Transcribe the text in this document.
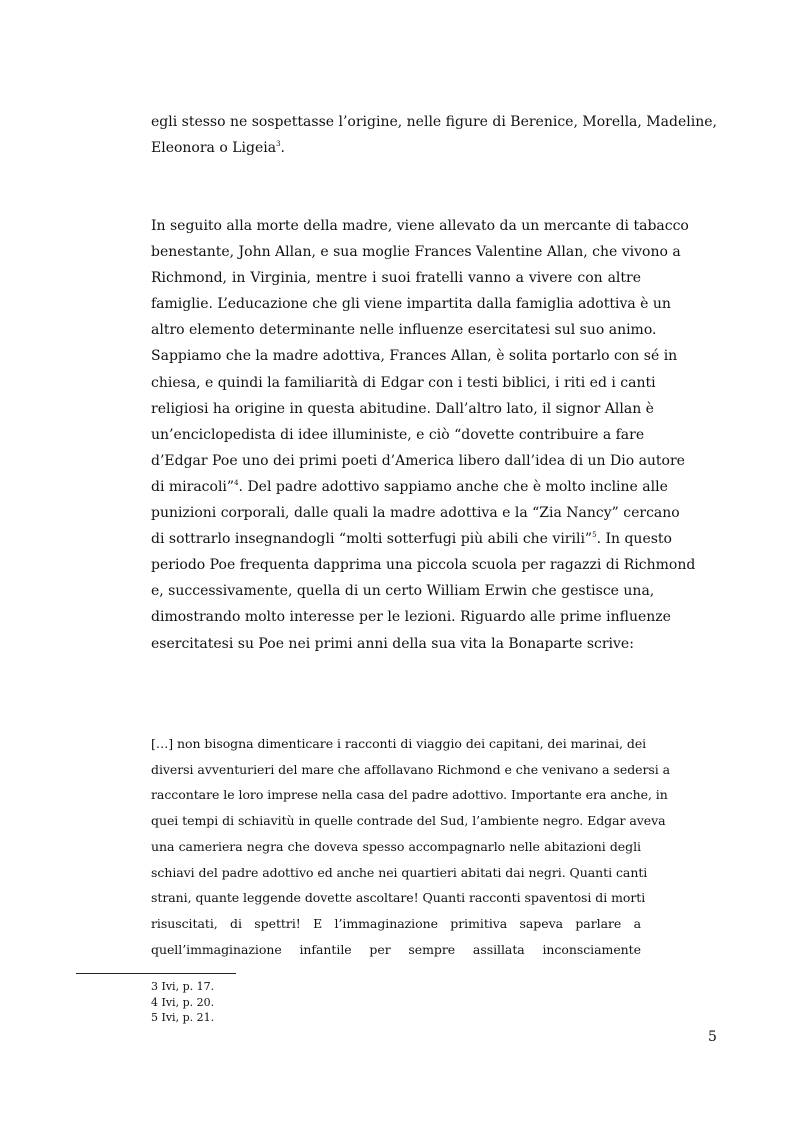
egli stesso ne sospettasse l’origine, nelle figure di Berenice, Morella, Madeline,
Eleonora o Ligeia$^3$.
In seguito alla morte della madre, viene allevato da un mercante di tabacco
benestante, John Allan, e sua moglie Frances Valentine Allan, che vivono a
Richmond, in Virginia, mentre i suoi fratelli vanno a vivere con altre
famiglie. L’educazione che gli viene impartita dalla famiglia adottiva è un
altro elemento determinante nelle influenze esercitatesi sul suo animo.
Sappiamo che la madre adottiva, Frances Allan, è solita portarlo con sé in
chiesa, e quindi la familiarità di Edgar con i testi biblici, i riti ed i canti
religiosi ha origine in questa abitudine. Dall’altro lato, il signor Allan è
un’enciclopedista di idee illuministe, e ciò “dovette contribuire a fare
d’Edgar Poe uno dei primi poeti d’America libero dall’idea di un Dio autore
di miracoli”$^4$. Del padre adottivo sappiamo anche che è molto incline alle
punizioni corporali, dalle quali la madre adottiva e la “Zia Nancy” cercano
di sottrarlo insegnandogli “molti sotterfugi più abili che virili”$^5$. In questo
periodo Poe frequenta dapprima una piccola scuola per ragazzi di Richmond
e, successivamente, quella di un certo William Erwin che gestisce una,
dimostrando molto interesse per le lezioni. Riguardo alle prime influenze
esercitatesi su Poe nei primi anni della sua vita la Bonaparte scrive:
[…] non bisogna dimenticare i racconti di viaggio dei capitani, dei marinai, dei
diversi avventurieri del mare che affollavano Richmond e che venivano a sedersi a
raccontare le loro imprese nella casa del padre adottivo. Importante era anche, in
quei tempi di schiavitù in quelle contrade del Sud, l’ambiente negro. Edgar aveva
una cameriera negra che doveva spesso accompagnarlo nelle abitazioni degli
schiavi del padre adottivo ed anche nei quartieri abitati dai negri. Quanti canti
strani, quante leggende dovette ascoltare! Quanti racconti spaventosi di morti
risuscitati, di spettri! E l’immaginazione primitiva sapeva parlare a
quell’immaginazione infantile per sempre assillata inconsciamente
3 Ivi, p. 17.
4 Ivi, p. 20.
5 Ivi, p. 21.
5
